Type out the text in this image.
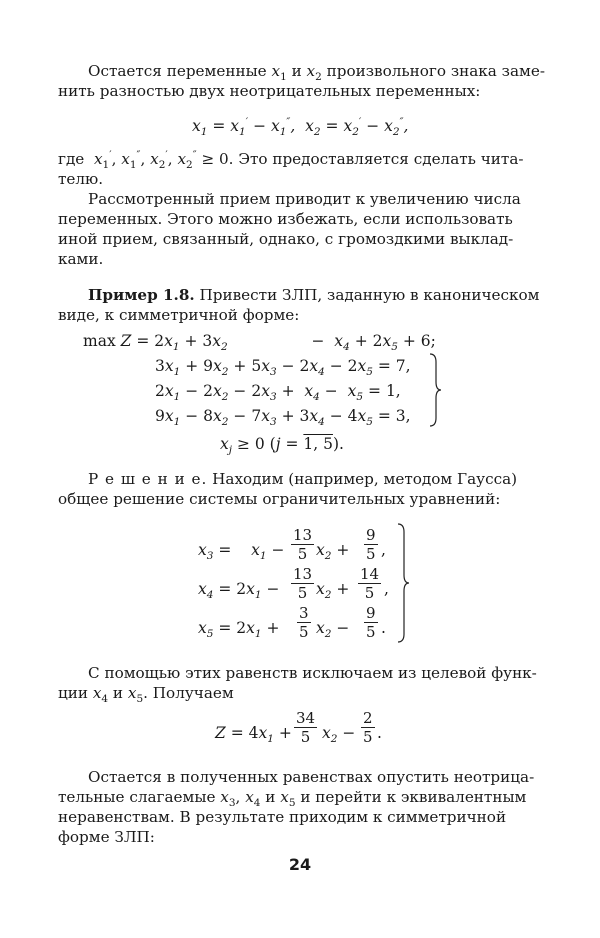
Остается переменные $x_1$ и $x_2$ произвольного знака заме-
нить разностью двух неотрицательных переменных:
$x_1 = x_1' - x_1''$,  $x_2 = x_2' - x_2''$,
где  $x_1'$, $x_1''$, $x_2'$, $x_2'' \ge 0$. Это предоставляется сделать чита-
телю.
Рассмотренный прием приводит к увеличению числа
переменных. Этого можно избежать, если использовать
иной прием, связанный, однако, с громоздкими выклад-
ками.
Пример 1.8. Привести ЗЛП, заданную в каноническом
виде, к симметричной форме:
$\max Z = 2x_1 + 3x_2$	−  $x_4 + 2x_5 + 6$;
$3x_1 + 9x_2 + 5x_3 - 2x_4 - 2x_5 = 7$,
$2x_1 - 2x_2 - 2x_3 + x_4 - x_5 = 1$,
$9x_1 - 8x_2 - 7x_3 + 3x_4 - 4x_5 = 3$,
$x_j \ge 0$ (j = 1, 5).
Р е ш е н и е. Находим (например, методом Гаусса)
общее решение системы ограничительных уравнений:
$x_3$ =    $x_1 - \frac{13}{5} x_2 + \frac{9}{5}$ ,
$x_4 = 2x_1 - \frac{13}{5} x_2 + \frac{14}{5}$ ,
$x_5 = 2x_1 + \frac{3}{5} x_2 - \frac{9}{5}$ .
С помощью этих равенств исключаем из целевой функ-
ции $x_4$ и $x_5$. Получаем
$Z = 4x_1 + \frac{34}{5} x_2 - \frac{2}{5}$ .
Остается в полученных равенствах опустить неотрица-
тельные слагаемые $x_3$, $x_4$ и $x_5$ и перейти к эквивалентным
неравенствам. В результате приходим к симметричной
форме ЗЛП:
24
